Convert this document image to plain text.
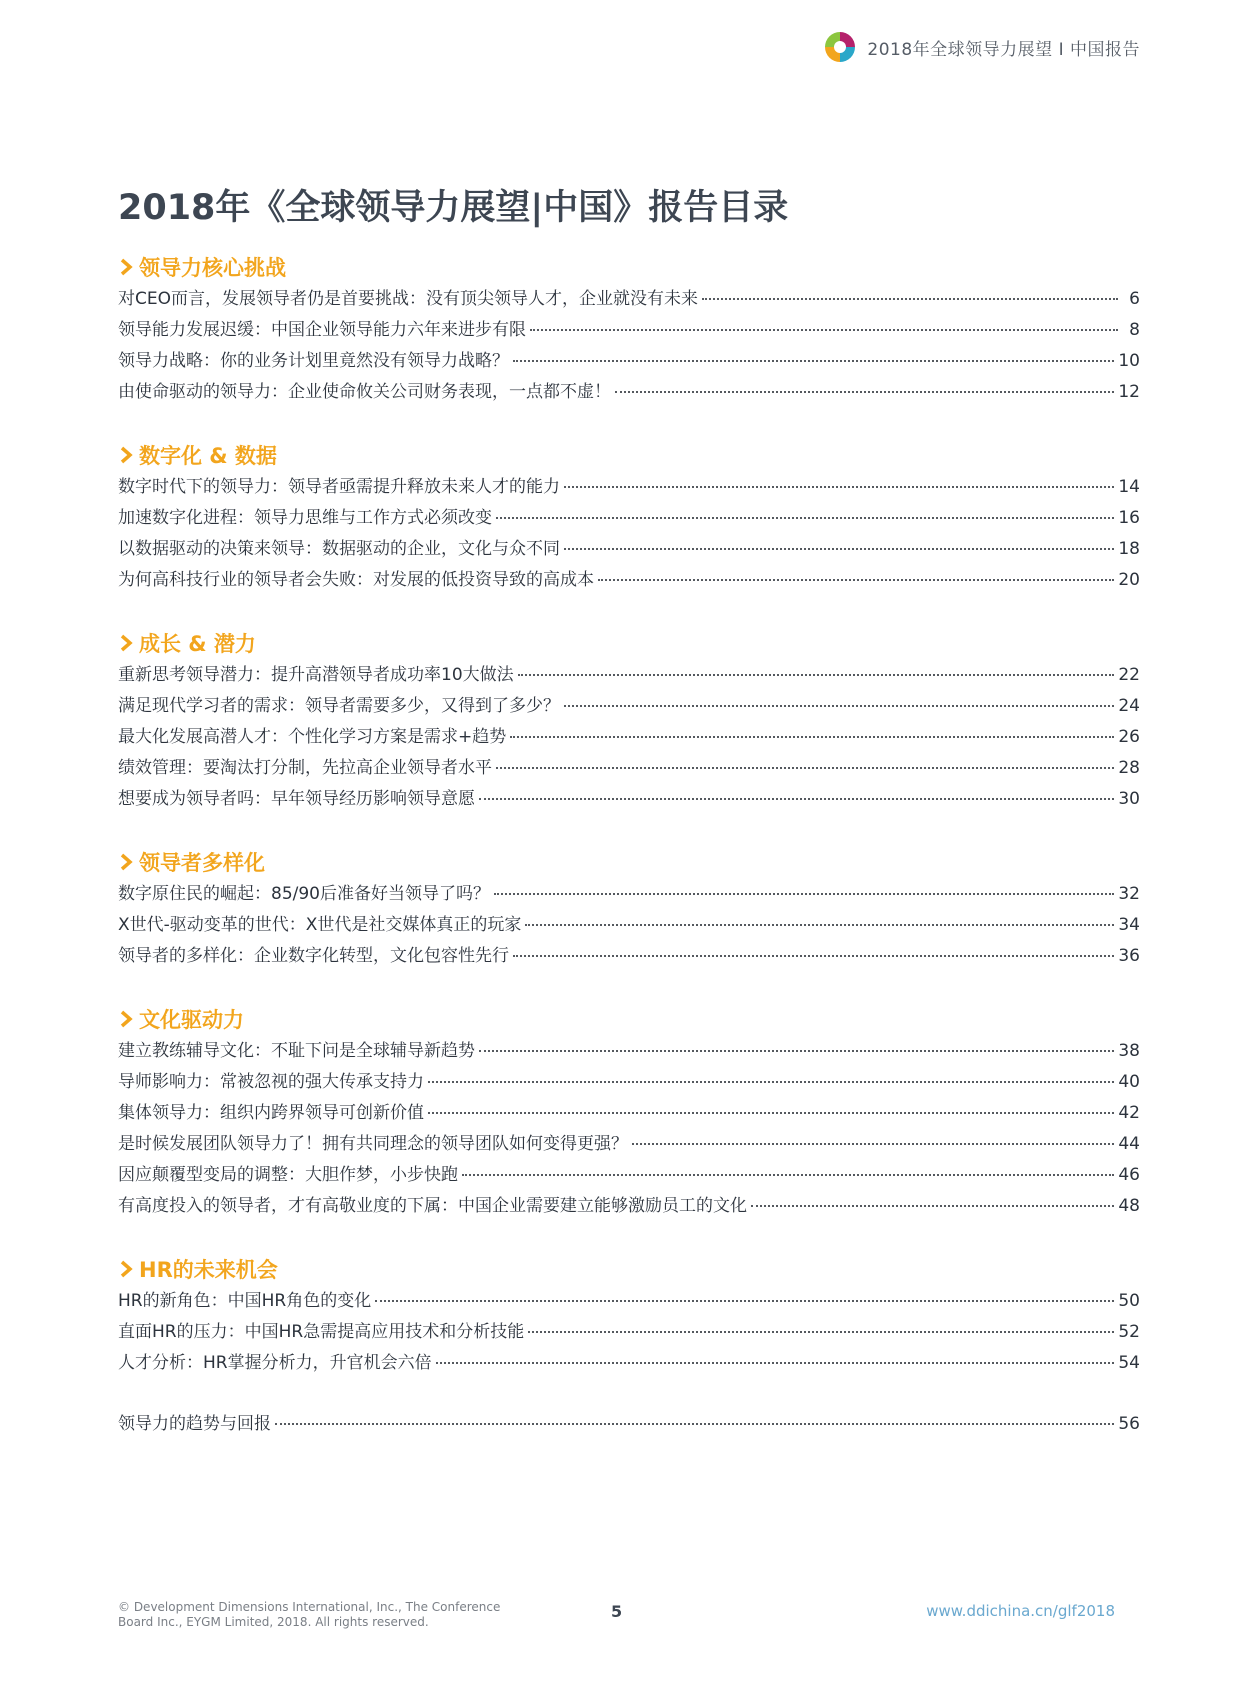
2018年全球领导力展望 I 中国报告
2018年《全球领导力展望|中国》报告目录
领导力核心挑战
对CEO而言，发展领导者仍是首要挑战：没有顶尖领导人才，企业就没有未来	6
领导能力发展迟缓：中国企业领导能力六年来进步有限	8
领导力战略：你的业务计划里竟然没有领导力战略？	10
由使命驱动的领导力：企业使命攸关公司财务表现，一点都不虚！	12
数字化 & 数据
数字时代下的领导力：领导者亟需提升释放未来人才的能力	14
加速数字化进程：领导力思维与工作方式必须改变	16
以数据驱动的决策来领导：数据驱动的企业，文化与众不同	18
为何高科技行业的领导者会失败：对发展的低投资导致的高成本	20
成长 & 潜力
重新思考领导潜力：提升高潜领导者成功率10大做法	22
满足现代学习者的需求：领导者需要多少，又得到了多少？	24
最大化发展高潜人才：个性化学习方案是需求+趋势	26
绩效管理：要淘汰打分制，先拉高企业领导者水平	28
想要成为领导者吗：早年领导经历影响领导意愿	30
领导者多样化
数字原住民的崛起：85/90后准备好当领导了吗？	32
X世代-驱动变革的世代：X世代是社交媒体真正的玩家	34
领导者的多样化：企业数字化转型，文化包容性先行	36
文化驱动力
建立教练辅导文化：不耻下问是全球辅导新趋势	38
导师影响力：常被忽视的强大传承支持力	40
集体领导力：组织内跨界领导可创新价值	42
是时候发展团队领导力了！拥有共同理念的领导团队如何变得更强？	44
因应颠覆型变局的调整：大胆作梦，小步快跑	46
有高度投入的领导者，才有高敬业度的下属：中国企业需要建立能够激励员工的文化	48
HR的未来机会
HR的新角色：中国HR角色的变化	50
直面HR的压力：中国HR急需提高应用技术和分析技能	52
人才分析：HR掌握分析力，升官机会六倍	54
领导力的趋势与回报	56
© Development Dimensions International, Inc., The Conference Board Inc., EYGM Limited, 2018. All rights reserved.
5	www.ddichina.cn/glf2018
